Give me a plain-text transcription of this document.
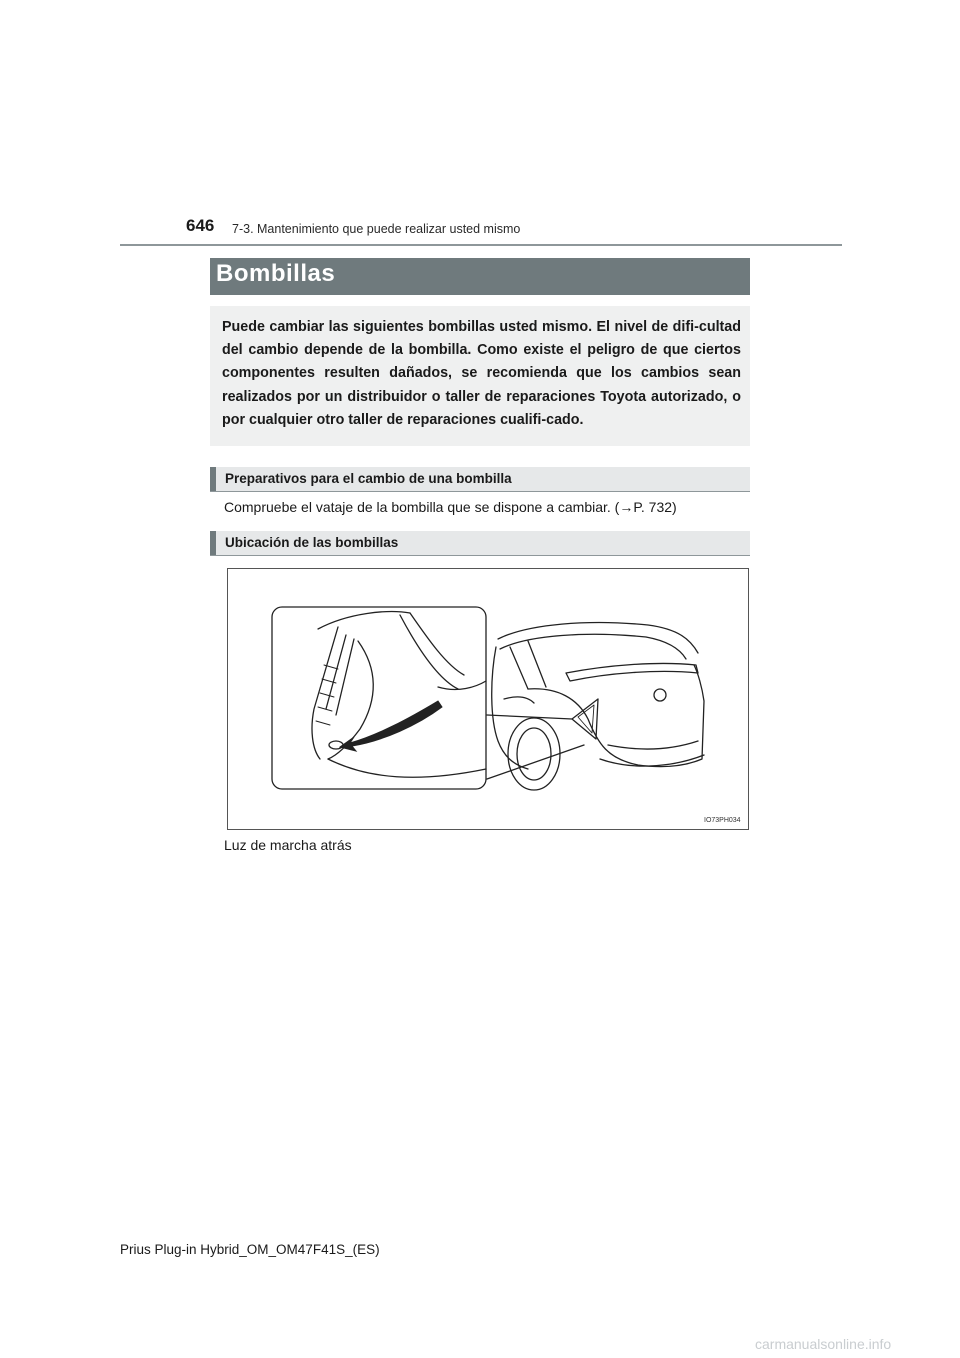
646 7-3. Mantenimiento que puede realizar usted mismo
Bombillas

Puede cambiar las siguientes bombillas usted mismo. El nivel de difi-cultad del cambio depende de la bombilla. Como existe el peligro de que ciertos componentes resulten dañados, se recomienda que los cambios sean realizados por un distribuidor o taller de reparaciones Toyota autorizado, o por cualquier otro taller de reparaciones cualifi-cado.

Preparativos para el cambio de una bombilla
Compruebe el vataje de la bombilla que se dispone a cambiar. (→P. 732)
Ubicación de las bombillas
IO73PH034
Luz de marcha atrás
Prius Plug-in Hybrid_OM_OM47F41S_(ES)
carmanualsonline.info
